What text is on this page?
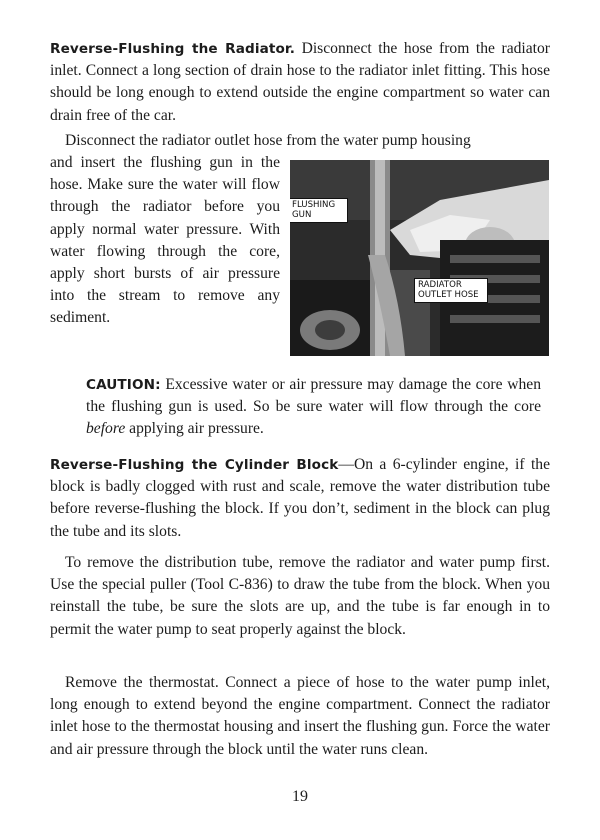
Reverse-Flushing the Radiator. Disconnect the hose from the radiator inlet. Connect a long section of drain hose to the radiator inlet fitting. This hose should be long enough to extend outside the engine compartment so water can drain free of the car.

Disconnect the radiator outlet hose from the water pump housing

and insert the flushing gun in the hose. Make sure the water will flow through the radiator before you apply normal water pressure. With water flowing through the core, apply short bursts of air pressure into the stream to remove any sediment.

FLUSHING GUN
RADIATOR OUTLET HOSE

CAUTION: Excessive water or air pressure may damage the core when the flushing gun is used. So be sure water will flow through the core before applying air pressure.

Reverse-Flushing the Cylinder Block—On a 6-cylinder engine, if the block is badly clogged with rust and scale, remove the water distribution tube before reverse-flushing the block. If you don’t, sediment in the block can plug the tube and its slots.

To remove the distribution tube, remove the radiator and water pump first. Use the special puller (Tool C-836) to draw the tube from the block. When you reinstall the tube, be sure the slots are up, and the tube is far enough in to permit the water pump to seat properly against the block.

Remove the thermostat. Connect a piece of hose to the water pump inlet, long enough to extend beyond the engine compartment. Connect the radiator inlet hose to the thermostat housing and insert the flushing gun. Force the water and air pressure through the block until the water runs clean.

19
